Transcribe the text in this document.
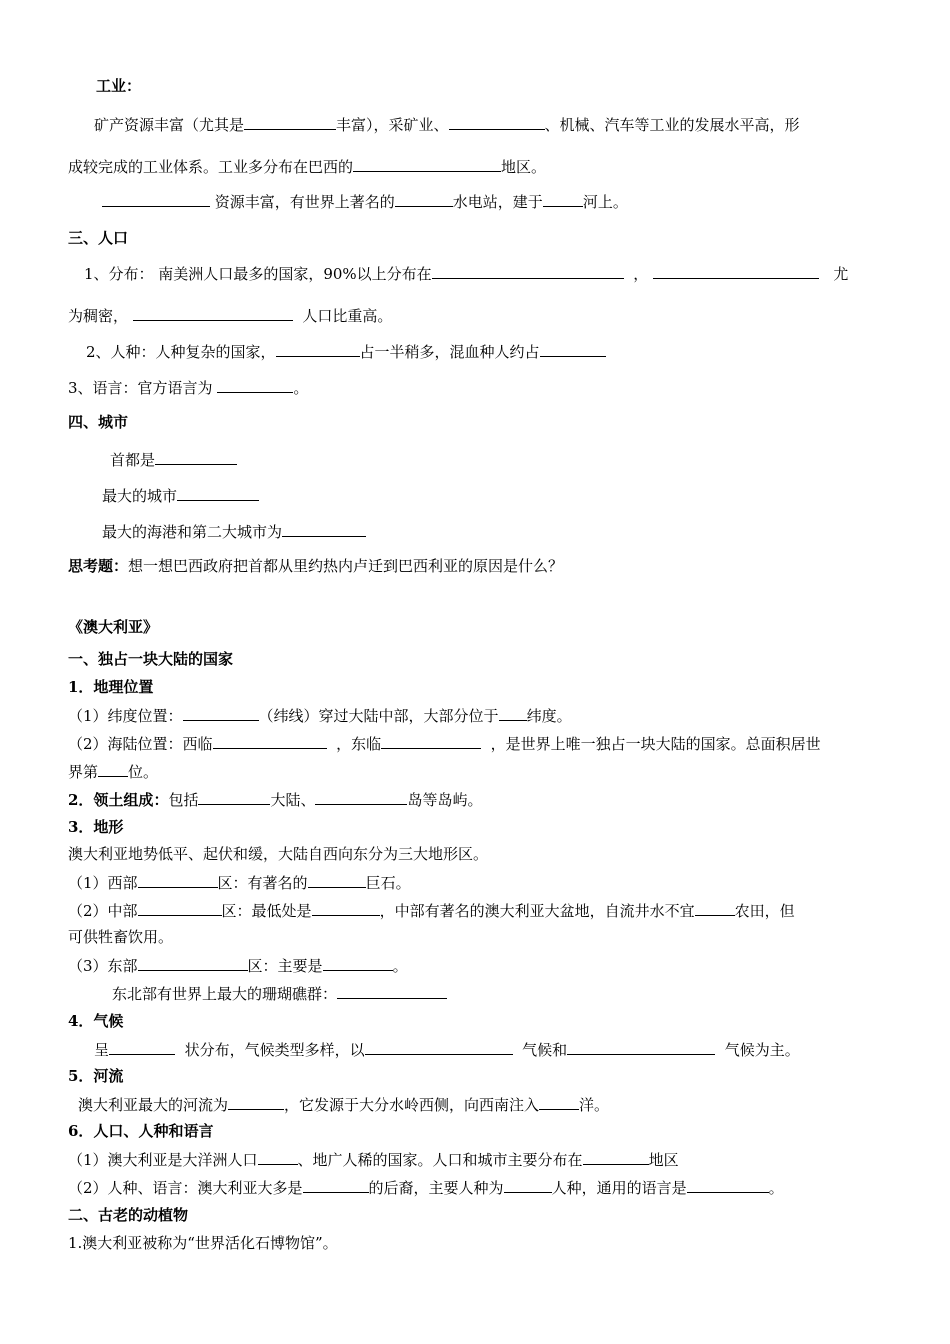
工业：
矿产资源丰富（尤其是	丰富），采矿业、	、机械、汽车等工业的发展水平高，形
成较完成的工业体系。工业多分布在巴西的	地区。
资源丰富，有世界上著名的	水电站，建于	河上。
三、人口
1、分布： 南美洲人口最多的国家，90%以上分布在	，	尤
为稠密，	人口比重高。
2、人种：人种复杂的国家，	占一半稍多，混血种人约占
3、语言：官方语言为	。
四、城市
首都是
最大的城市
最大的海港和第二大城市为
思考题：想一想巴西政府把首都从里约热内卢迁到巴西利亚的原因是什么？
《澳大利亚》
一、独占一块大陆的国家
1．地理位置
（1）纬度位置：	（纬线）穿过大陆中部，大部分位于 纬度。
（2）海陆位置：西临	，东临	，是世界上唯一独占一块大陆的国家。总面积居世
界第 位。
2．领土组成：包括	大陆、	岛等岛屿。
3．地形
澳大利亚地势低平、起伏和缓，大陆自西向东分为三大地形区。
（1）西部	区：有著名的	巨石。
（2）中部	区：最低处是	，中部有著名的澳大利亚大盆地，自流井水不宜	农田，但
可供牲畜饮用。
（3）东部	区：主要是	。
东北部有世界上最大的珊瑚礁群：
4．气候
呈	状分布，气候类型多样，以	气候和	气候为主。
5．河流
澳大利亚最大的河流为	，它发源于大分水岭西侧，向西南注入	洋。
6．人口、人种和语言
（1）澳大利亚是大洋洲人口	、地广人稀的国家。人口和城市主要分布在	地区
（2）人种、语言：澳大利亚大多是	的后裔，主要人种为	人种，通用的语言是	。
二、古老的动植物
1.澳大利亚被称为“世界活化石博物馆”。
